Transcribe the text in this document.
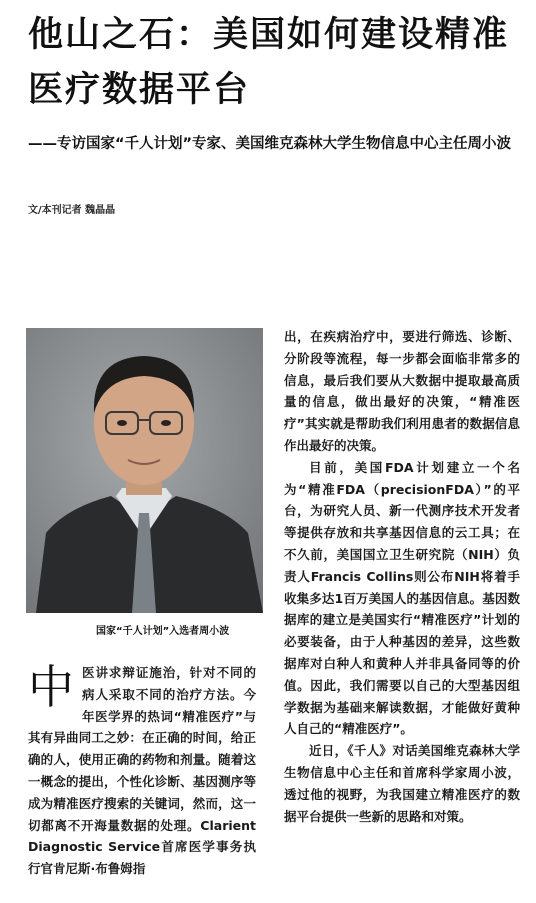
他山之石：美国如何建设精准医疗数据平台
——专访国家“千人计划”专家、美国维克森林大学生物信息中心主任周小波
文/本刊记者 魏晶晶
国家“千人计划”入选者周小波
中 医讲求辩证施治，针对不同的病人采取不同的治疗方法。今年医学界的热词“精准医疗”与其有异曲同工之妙：在正确的时间，给正确的人，使用正确的药物和剂量。随着这一概念的提出，个性化诊断、基因测序等成为精准医疗搜索的关键词，然而，这一切都离不开海量数据的处理。Clarient Diagnostic Service首席医学事务执行官肯尼斯·布鲁姆指

出，在疾病治疗中，要进行筛选、诊断、分阶段等流程，每一步都会面临非常多的信息，最后我们要从大数据中提取最高质量的信息，做出最好的决策，“精准医疗”其实就是帮助我们利用患者的数据信息作出最好的决策。

目前，美国FDA计划建立一个名为“精准FDA（precisionFDA）”的平台，为研究人员、新一代测序技术开发者等提供存放和共享基因信息的云工具；在不久前，美国国立卫生研究院（NIH）负责人Francis Collins则公布NIH将着手收集多达1百万美国人的基因信息。基因数据库的建立是美国实行“精准医疗”计划的必要装备，由于人种基因的差异，这些数据库对白种人和黄种人并非具备同等的价值。因此，我们需要以自己的大型基因组学数据为基础来解读数据，才能做好黄种人自己的“精准医疗”。

近日，《千人》对话美国维克森林大学生物信息中心主任和首席科学家周小波，透过他的视野，为我国建立精准医疗的数据平台提供一些新的思路和对策。
